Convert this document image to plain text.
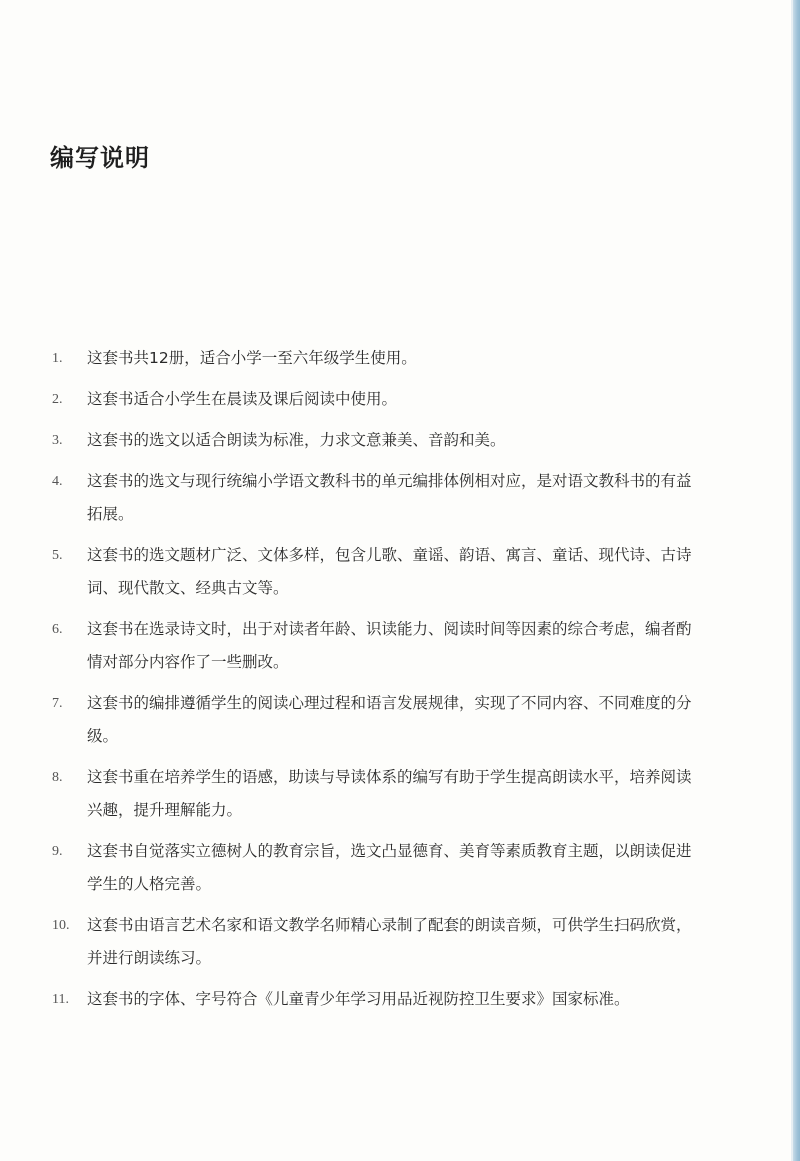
编写说明
1.	这套书共12册，适合小学一至六年级学生使用。
2.	这套书适合小学生在晨读及课后阅读中使用。
3.	这套书的选文以适合朗读为标准，力求文意兼美、音韵和美。
4.	这套书的选文与现行统编小学语文教科书的单元编排体例相对应，是对语文教科书的有益拓展。
5.	这套书的选文题材广泛、文体多样，包含儿歌、童谣、韵语、寓言、童话、现代诗、古诗词、现代散文、经典古文等。
6.	这套书在选录诗文时，出于对读者年龄、识读能力、阅读时间等因素的综合考虑，编者酌情对部分内容作了一些删改。
7.	这套书的编排遵循学生的阅读心理过程和语言发展规律，实现了不同内容、不同难度的分级。
8.	这套书重在培养学生的语感，助读与导读体系的编写有助于学生提高朗读水平，培养阅读兴趣，提升理解能力。
9.	这套书自觉落实立德树人的教育宗旨，选文凸显德育、美育等素质教育主题，以朗读促进学生的人格完善。
10.	这套书由语言艺术名家和语文教学名师精心录制了配套的朗读音频，可供学生扫码欣赏，并进行朗读练习。
11.	这套书的字体、字号符合《儿童青少年学习用品近视防控卫生要求》国家标准。
